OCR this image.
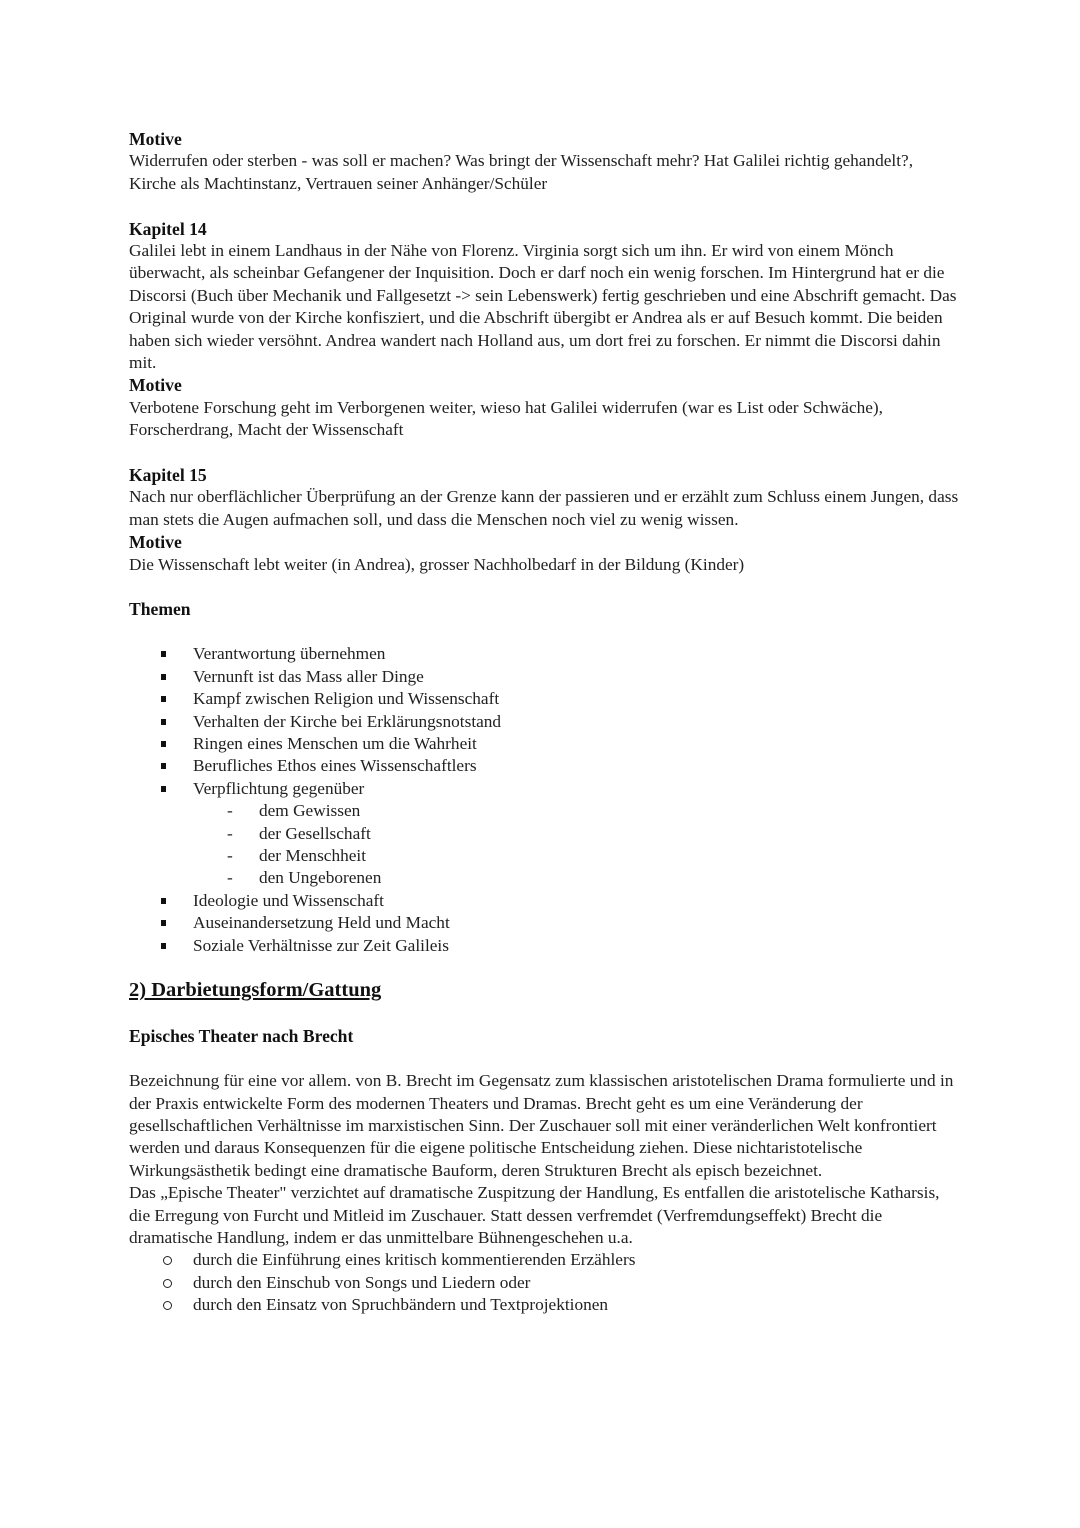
Motive

Widerrufen oder sterben - was soll er machen? Was bringt der Wissenschaft mehr? Hat Galilei richtig gehandelt?, Kirche als Machtinstanz, Vertrauen seiner Anhänger/Schüler

Kapitel 14

Galilei lebt in einem Landhaus in der Nähe von Florenz. Virginia sorgt sich um ihn. Er wird von einem Mönch überwacht, als scheinbar Gefangener der Inquisition. Doch er darf noch ein wenig forschen. Im Hintergrund hat er die Discorsi (Buch über Mechanik und Fallgesetzt -> sein Lebenswerk) fertig geschrieben und eine Abschrift gemacht. Das Original wurde von der Kirche konfisziert, und die Abschrift übergibt er Andrea als er auf Besuch kommt. Die beiden haben sich wieder versöhnt. Andrea wandert nach Holland aus, um dort frei zu forschen. Er nimmt die Discorsi dahin mit.

Motive

Verbotene Forschung geht im Verborgenen weiter, wieso hat Galilei widerrufen (war es List oder Schwäche), Forscherdrang, Macht der Wissenschaft

Kapitel 15

Nach nur oberflächlicher Überprüfung an der Grenze kann der passieren und er erzählt zum Schluss einem Jungen, dass man stets die Augen aufmachen soll, und dass die Menschen noch viel zu wenig wissen.

Motive

Die Wissenschaft lebt weiter (in Andrea), grosser Nachholbedarf in der Bildung (Kinder)

Themen
Verantwortung übernehmen
Vernunft ist das Mass aller Dinge
Kampf zwischen Religion und Wissenschaft
Verhalten der Kirche bei Erklärungsnotstand
Ringen eines Menschen um die Wahrheit
Berufliches Ethos eines Wissenschaftlers
Verpflichtung gegenüber
- dem Gewissen
- der Gesellschaft
- der Menschheit
- den Ungeborenen
Ideologie und Wissenschaft
Auseinandersetzung Held und Macht
Soziale Verhältnisse zur Zeit Galileis
2) Darbietungsform/Gattung
Episches Theater nach Brecht

Bezeichnung für eine vor allem. von B. Brecht im Gegensatz zum klassischen aristotelischen Drama formulierte und in der Praxis entwickelte Form des modernen Theaters und Dramas. Brecht geht es um eine Veränderung der gesellschaftlichen Verhältnisse im marxistischen Sinn. Der Zuschauer soll mit einer veränderlichen Welt konfrontiert werden und daraus Konsequenzen für die eigene politische Entscheidung ziehen. Diese nichtaristotelische Wirkungsästhetik bedingt eine dramatische Bauform, deren Strukturen Brecht als episch bezeichnet.

Das „Epische Theater" verzichtet auf dramatische Zuspitzung der Handlung, Es entfallen die aristotelische Katharsis, die Erregung von Furcht und Mitleid im Zuschauer. Statt dessen verfremdet (Verfremdungseffekt) Brecht die dramatische Handlung, indem er das unmittelbare Bühnengeschehen u.a.

durch die Einführung eines kritisch kommentierenden Erzählers
durch den Einschub von Songs und Liedern oder
durch den Einsatz von Spruchbändern und Textprojektionen
